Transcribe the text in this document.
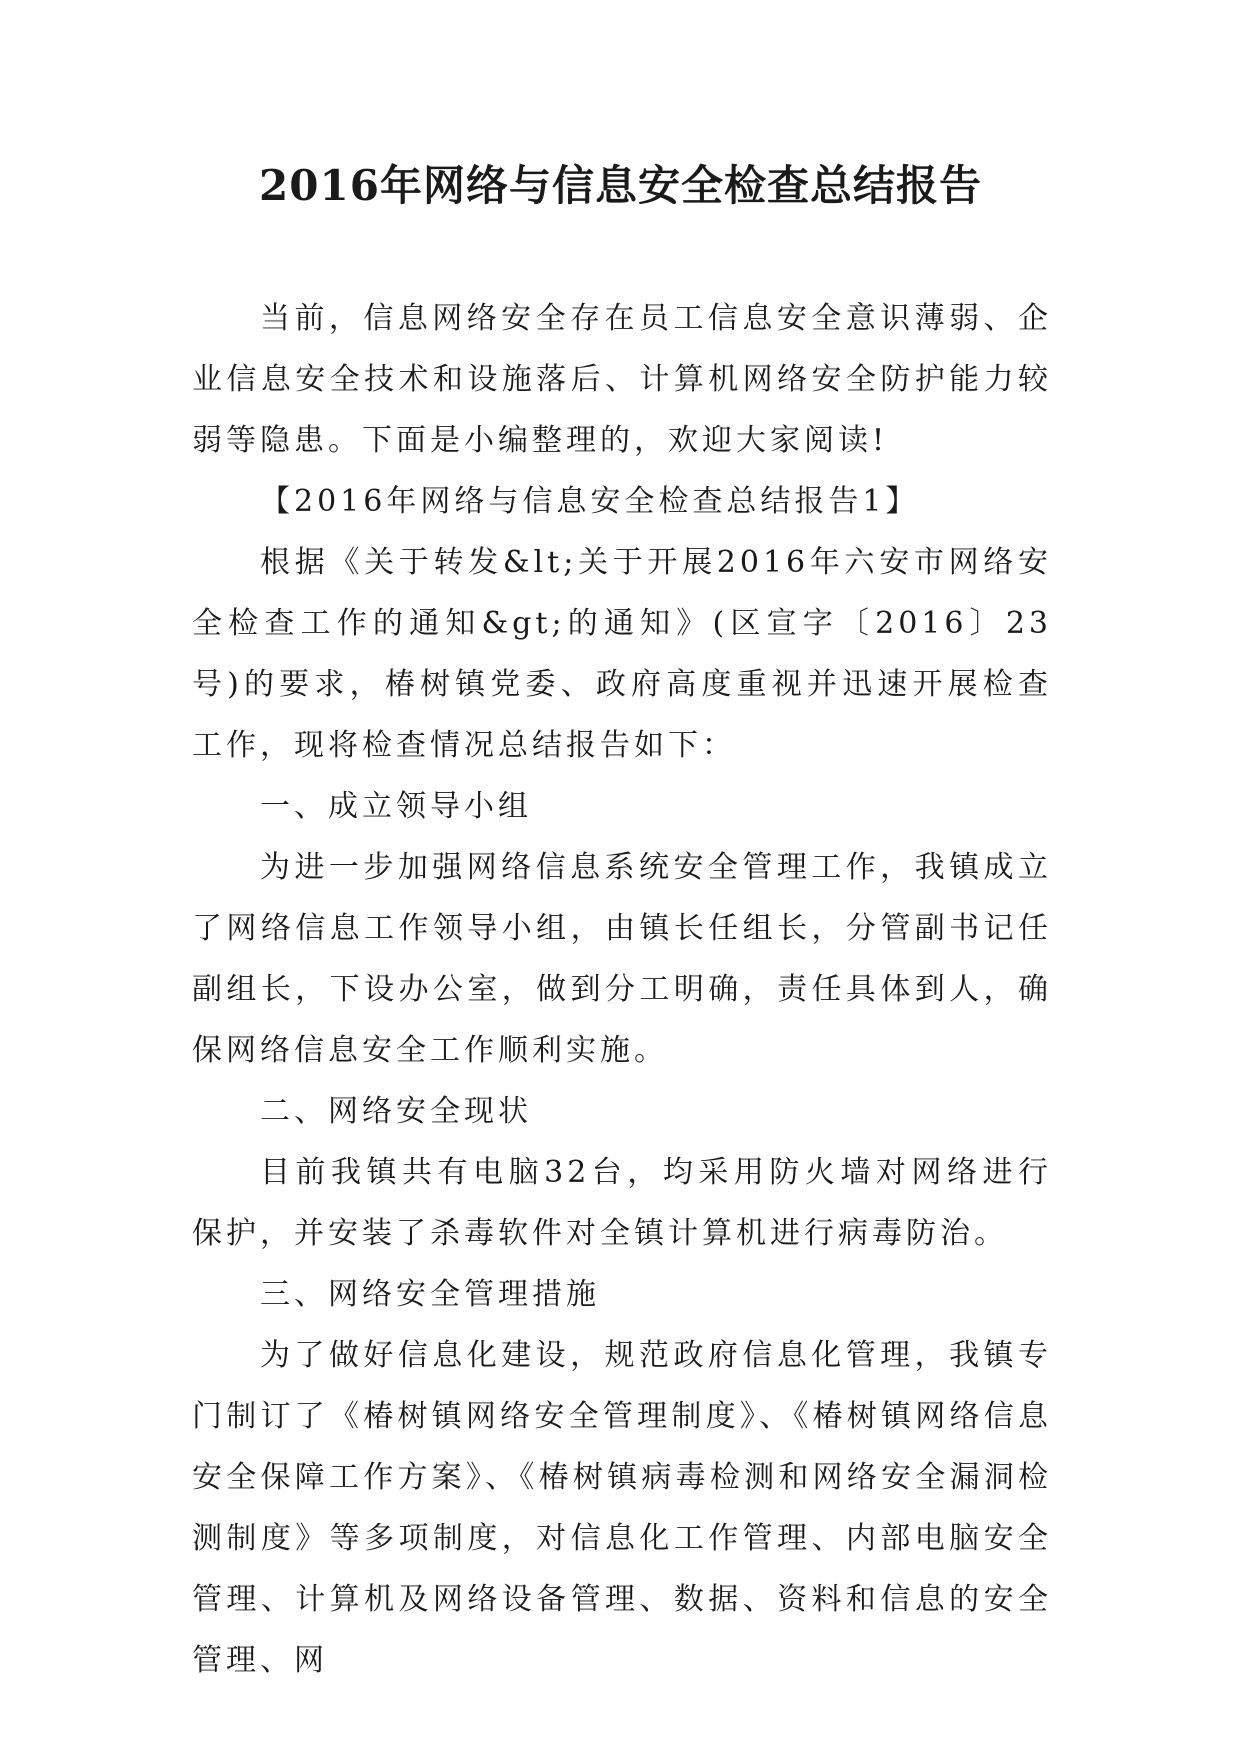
2016年网络与信息安全检查总结报告

当前，信息网络安全存在员工信息安全意识薄弱、企业信息安全技术和设施落后、计算机网络安全防护能力较弱等隐患。下面是小编整理的，欢迎大家阅读!

【2016年网络与信息安全检查总结报告1】

根据《关于转发&lt;关于开展2016年六安市网络安全检查工作的通知&gt;的通知》(区宣字〔2016〕23号)的要求，椿树镇党委、政府高度重视并迅速开展检查工作，现将检查情况总结报告如下：

一、成立领导小组

为进一步加强网络信息系统安全管理工作，我镇成立了网络信息工作领导小组，由镇长任组长，分管副书记任副组长，下设办公室，做到分工明确，责任具体到人，确保网络信息安全工作顺利实施。

二、网络安全现状

目前我镇共有电脑32台，均采用防火墙对网络进行保护，并安装了杀毒软件对全镇计算机进行病毒防治。

三、网络安全管理措施

为了做好信息化建设，规范政府信息化管理，我镇专门制订了《椿树镇网络安全管理制度》、《椿树镇网络信息安全保障工作方案》、《椿树镇病毒检测和网络安全漏洞检测制度》等多项制度，对信息化工作管理、内部电脑安全管理、计算机及网络设备管理、数据、资料和信息的安全管理、网
